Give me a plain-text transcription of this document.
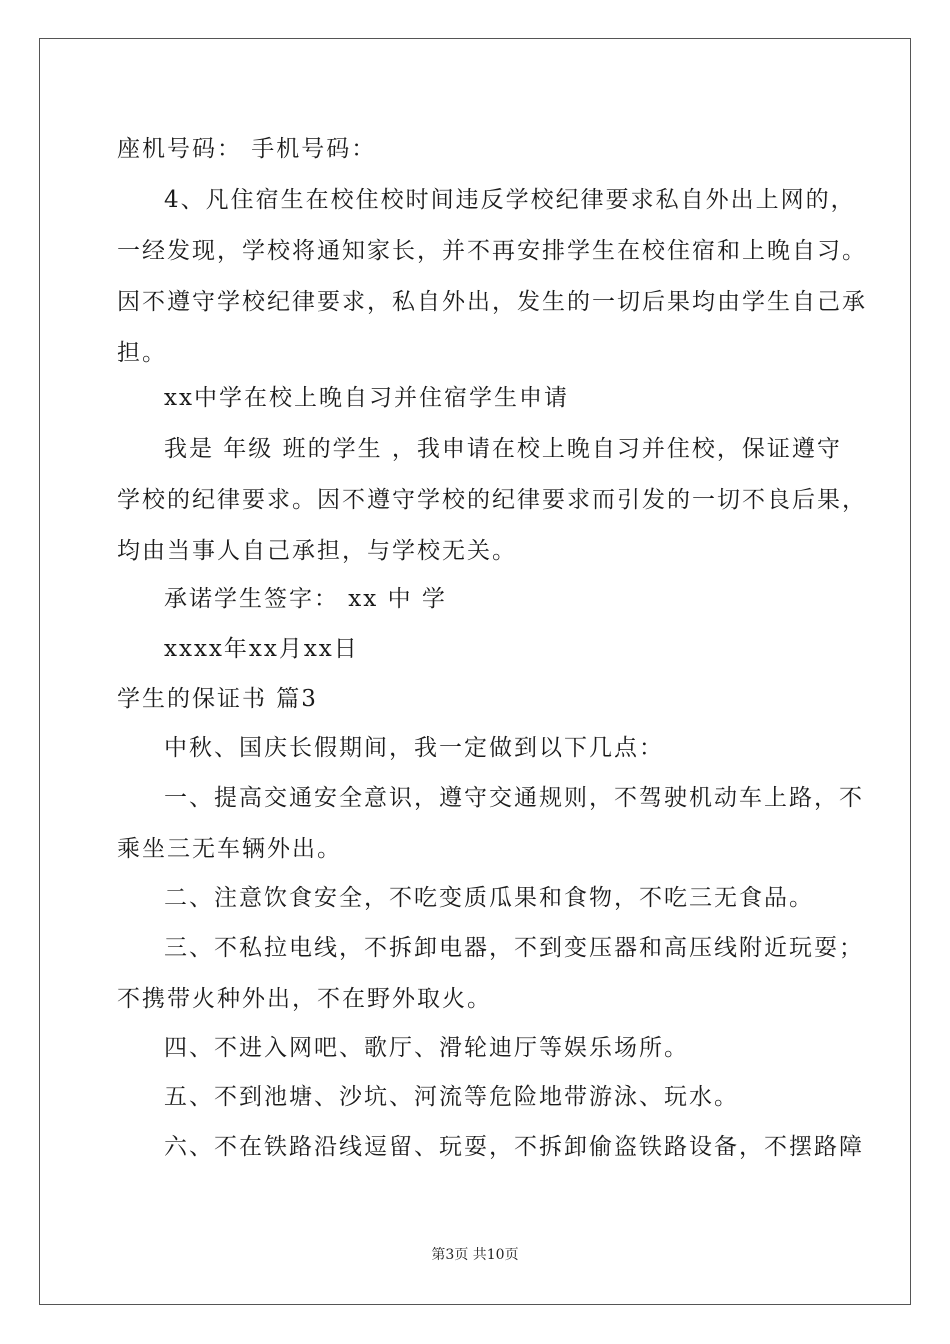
座机号码： 手机号码：
4、凡住宿生在校住校时间违反学校纪律要求私自外出上网的，
一经发现，学校将通知家长，并不再安排学生在校住宿和上晚自习。
因不遵守学校纪律要求，私自外出，发生的一切后果均由学生自己承
担。
xx中学在校上晚自习并住宿学生申请
我是 年级 班的学生 ，我申请在校上晚自习并住校，保证遵守
学校的纪律要求。因不遵守学校的纪律要求而引发的一切不良后果，
均由当事人自己承担，与学校无关。
承诺学生签字： xx 中 学
xxxx年xx月xx日
学生的保证书 篇3
中秋、国庆长假期间，我一定做到以下几点：
一、提高交通安全意识，遵守交通规则，不驾驶机动车上路，不
乘坐三无车辆外出。
二、注意饮食安全，不吃变质瓜果和食物，不吃三无食品。
三、不私拉电线，不拆卸电器，不到变压器和高压线附近玩耍；
不携带火种外出，不在野外取火。
四、不进入网吧、歌厅、滑轮迪厅等娱乐场所。
五、不到池塘、沙坑、河流等危险地带游泳、玩水。
六、不在铁路沿线逗留、玩耍，不拆卸偷盗铁路设备，不摆路障
第3页 共10页
